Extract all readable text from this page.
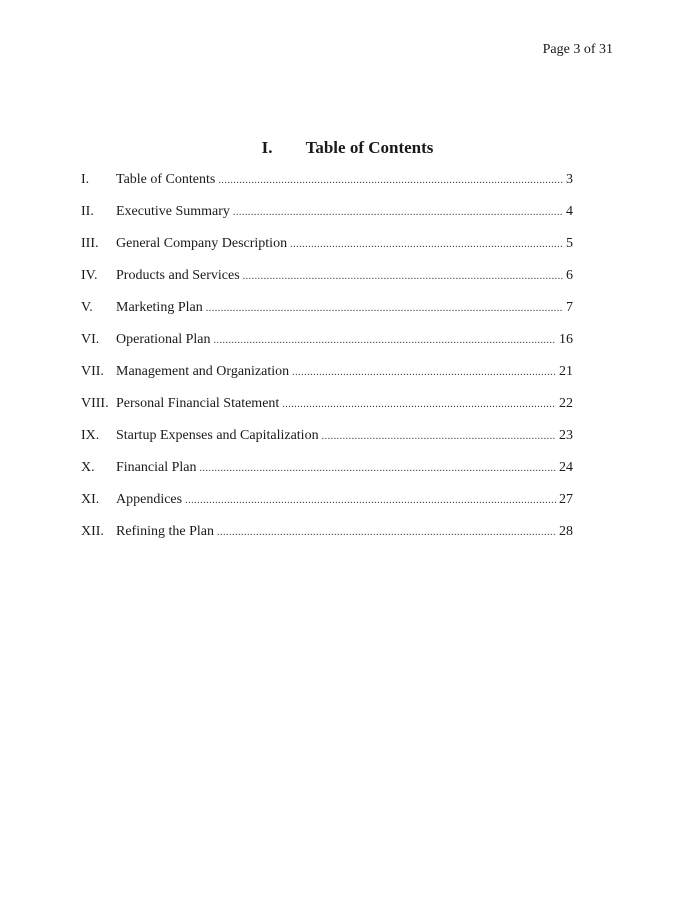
Page 3 of 31
I. Table of Contents
I.	Table of Contents .....	3
II.	Executive Summary .....	4
III.	General Company Description .....	5
IV.	Products and Services .....	6
V.	Marketing Plan .....	7
VI.	Operational Plan .....	16
VII. Management and Organization .....	21
VIII. Personal Financial Statement .....	22
IX.	Startup Expenses and Capitalization .....	23
X.	Financial Plan .....	24
XI.	Appendices .....	27
XII. Refining the Plan .....	28
